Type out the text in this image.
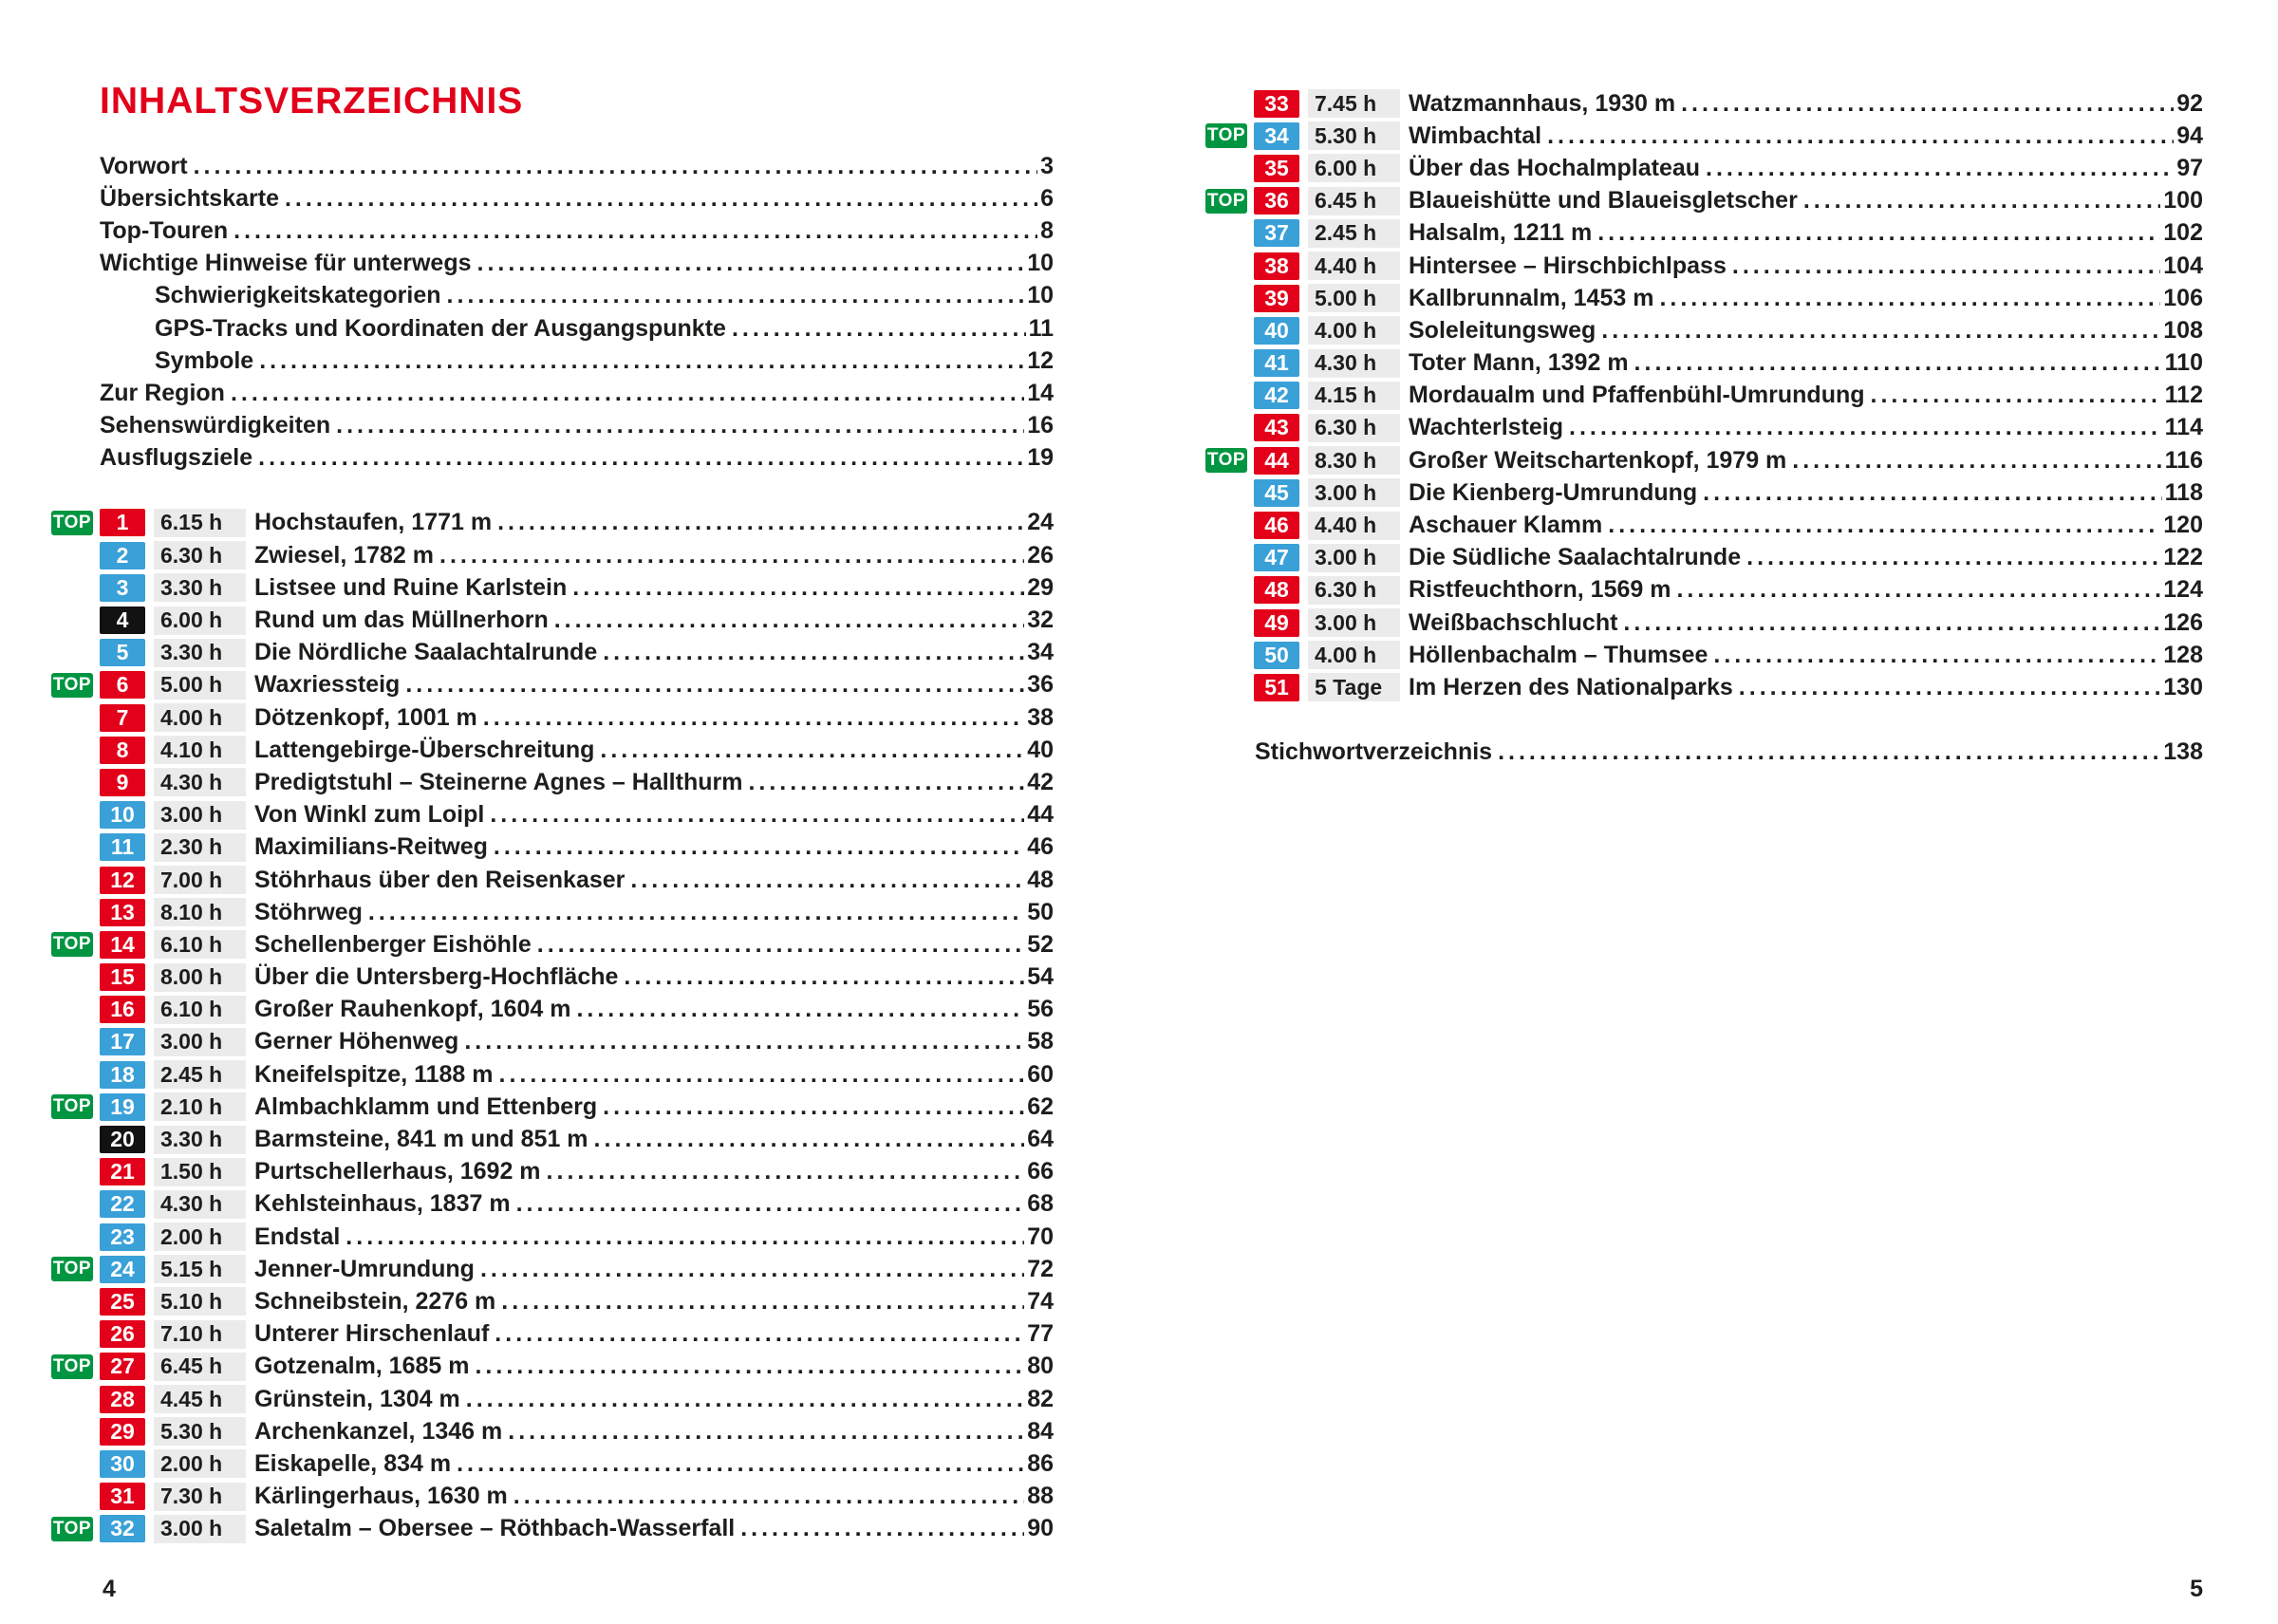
INHALTSVERZEICHNIS
Vorwort .....	3
Übersichtskarte .....	6
Top-Touren .....	8
Wichtige Hinweise für unterwegs .....	10
Schwierigkeitskategorien .....	10
GPS-Tracks und Koordinaten der Ausgangspunkte .....	11
Symbole .....	12
Zur Region .....	14
Sehenswürdigkeiten .....	16
Ausflugsziele .....	19
TOP	1	6.15 h	Hochstaufen, 1771 m .....	24
2	6.30 h	Zwiesel, 1782 m .....	26
3	3.30 h	Listsee und Ruine Karlstein .....	29
4	6.00 h	Rund um das Müllnerhorn .....	32
5	3.30 h	Die Nördliche Saalachtalrunde .....	34
TOP	6	5.00 h	Waxriessteig .....	36
7	4.00 h	Dötzenkopf, 1001 m .....	38
8	4.10 h	Lattengebirge-Überschreitung .....	40
9	4.30 h	Predigtstuhl – Steinerne Agnes – Hallthurm .....	42
10	3.00 h	Von Winkl zum Loipl .....	44
11	2.30 h	Maximilians-Reitweg .....	46
12	7.00 h	Stöhrhaus über den Reisenkaser .....	48
13	8.10 h	Stöhrweg .....	50
TOP 14	6.10 h	Schellenberger Eishöhle .....	52
15	8.00 h	Über die Untersberg-Hochfläche .....	54
16	6.10 h	Großer Rauhenkopf, 1604 m .....	56
17	3.00 h	Gerner Höhenweg .....	58
18	2.45 h	Kneifelspitze, 1188 m .....	60
TOP 19	2.10 h	Almbachklamm und Ettenberg .....	62
20	3.30 h	Barmsteine, 841 m und 851 m .....	64
21	1.50 h	Purtschellerhaus, 1692 m .....	66
22	4.30 h	Kehlsteinhaus, 1837 m .....	68
23	2.00 h	Endstal .....	70
TOP 24	5.15 h	Jenner-Umrundung .....	72
25	5.10 h	Schneibstein, 2276 m .....	74
26	7.10 h	Unterer Hirschenlauf .....	77
TOP 27	6.45 h	Gotzenalm, 1685 m .....	80
28	4.45 h	Grünstein, 1304 m .....	82
29	5.30 h	Archenkanzel, 1346 m .....	84
30	2.00 h	Eiskapelle, 834 m .....	86
31	7.30 h	Kärlingerhaus, 1630 m .....	88
TOP 32	3.00 h	Saletalm – Obersee – Röthbach-Wasserfall .....	90
33	7.45 h	Watzmannhaus, 1930 m .....	92
TOP 34	5.30 h	Wimbachtal .....	94
35	6.00 h	Über das Hochalmplateau .....	97
TOP 36	6.45 h	Blaueishütte und Blaueisgletscher .....	100
37	2.45 h	Halsalm, 1211 m .....	102
38	4.40 h	Hintersee – Hirschbichlpass .....	104
39	5.00 h	Kallbrunnalm, 1453 m .....	106
40	4.00 h	Soleleitungsweg .....	108
41	4.30 h	Toter Mann, 1392 m .....	110
42	4.15 h	Mordaualm und Pfaffenbühl-Umrundung .....	112
43	6.30 h	Wachterlsteig .....	114
TOP 44	8.30 h	Großer Weitschartenkopf, 1979 m .....	116
45	3.00 h	Die Kienberg-Umrundung .....	118
46	4.40 h	Aschauer Klamm .....	120
47	3.00 h	Die Südliche Saalachtalrunde .....	122
48	6.30 h	Ristfeuchthorn, 1569 m .....	124
49	3.00 h	Weißbachschlucht .....	126
50	4.00 h	Höllenbachalm – Thumsee .....	128
51	5 Tage	Im Herzen des Nationalparks .....	130
Stichwortverzeichnis .....	138
4	5
